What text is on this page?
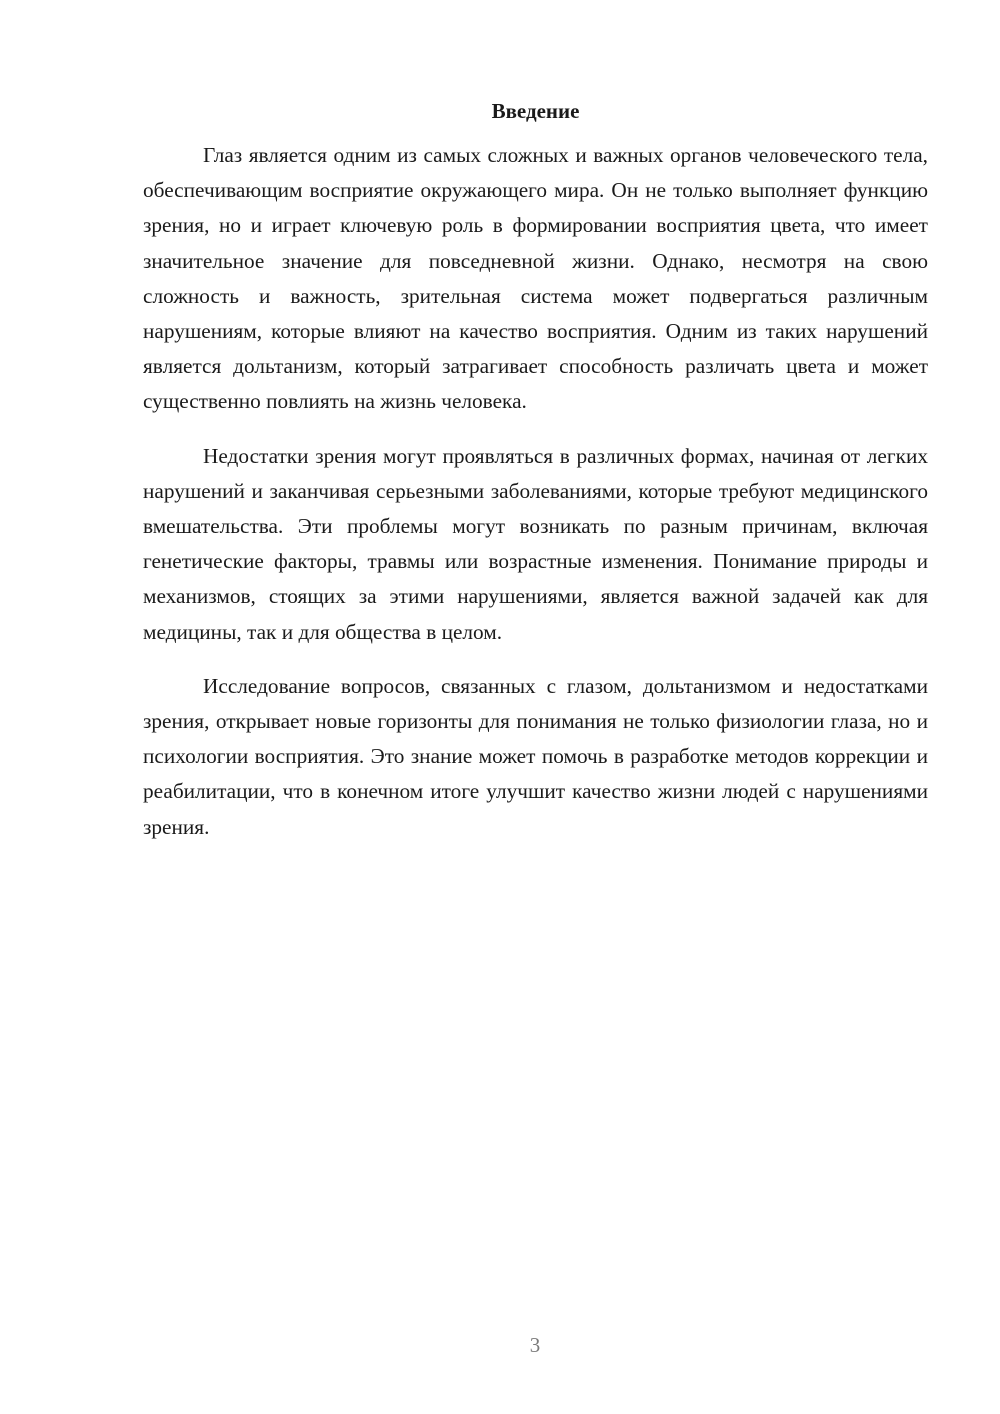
Введение

Глаз является одним из самых сложных и важных органов человеческого тела, обеспечивающим восприятие окружающего мира. Он не только выполняет функцию зрения, но и играет ключевую роль в формировании восприятия цвета, что имеет значительное значение для повседневной жизни. Однако, несмотря на свою сложность и важность, зрительная система может подвергаться различным нарушениям, которые влияют на качество восприятия. Одним из таких нарушений является дольтанизм, который затрагивает способность различать цвета и может существенно повлиять на жизнь человека.

Недостатки зрения могут проявляться в различных формах, начиная от легких нарушений и заканчивая серьезными заболеваниями, которые требуют медицинского вмешательства. Эти проблемы могут возникать по разным причинам, включая генетические факторы, травмы или возрастные изменения. Понимание природы и механизмов, стоящих за этими нарушениями, является важной задачей как для медицины, так и для общества в целом.

Исследование вопросов, связанных с глазом, дольтанизмом и недостатками зрения, открывает новые горизонты для понимания не только физиологии глаза, но и психологии восприятия. Это знание может помочь в разработке методов коррекции и реабилитации, что в конечном итоге улучшит качество жизни людей с нарушениями зрения.

3
